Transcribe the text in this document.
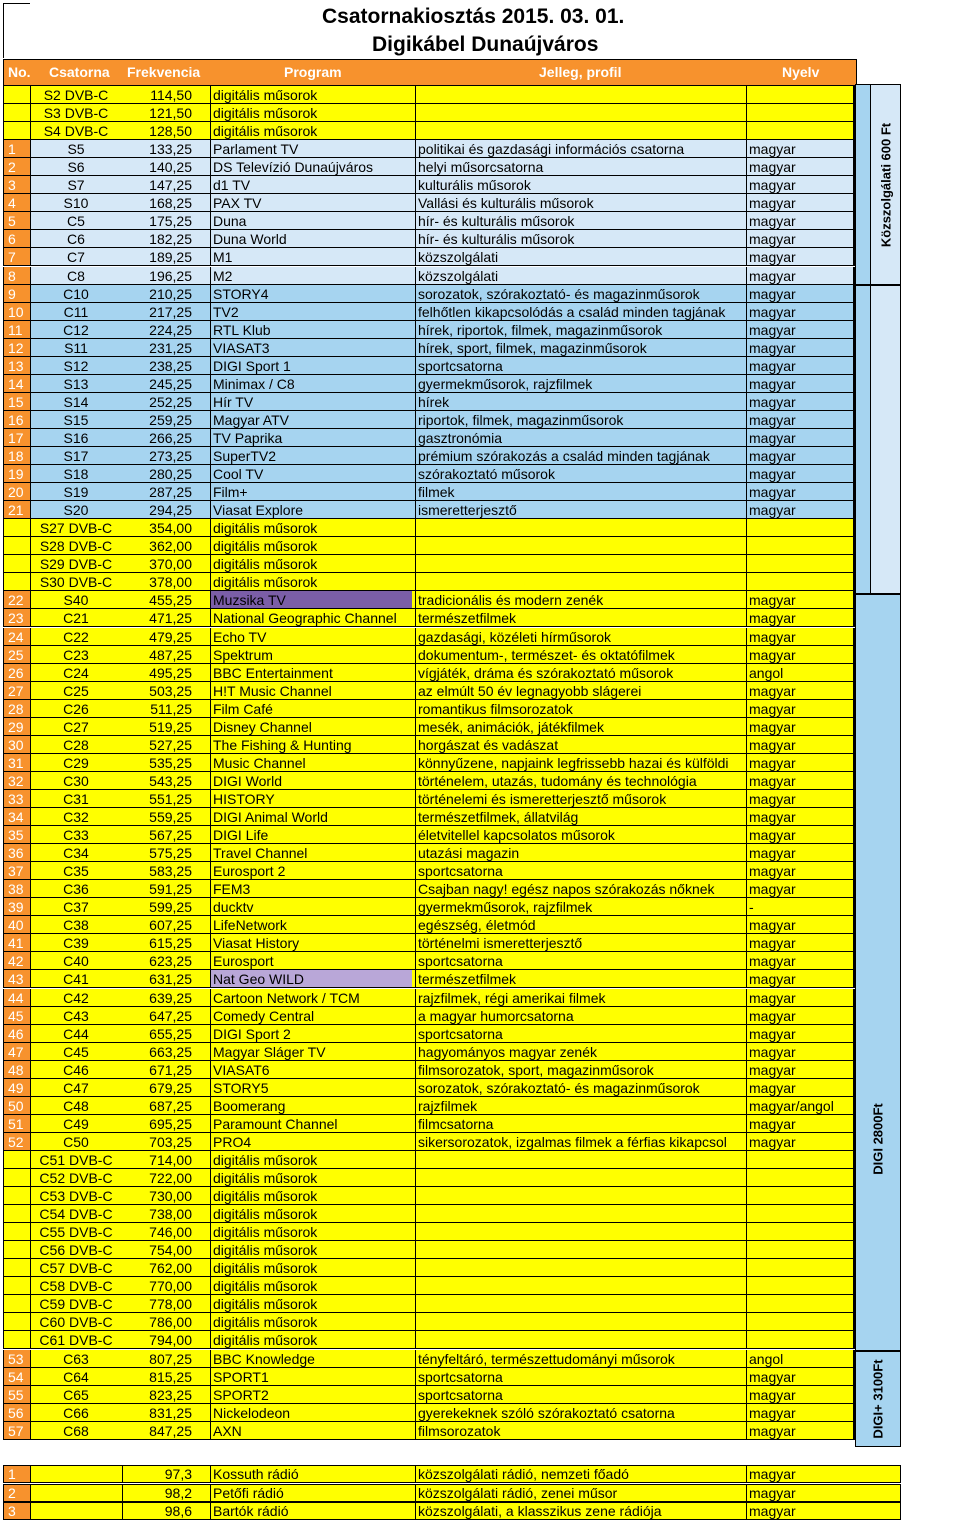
Csatornakiosztás 2015. 03. 01.
Digikábel Dunaújváros
No. Csatorna Frekvencia	Program	Jelleg, profil	Nyelv
S2 DVB-C	114,50 digitális műsorok
S3 DVB-C	121,50 digitális műsorok
S4 DVB-C	128,50 digitális műsorok
1	S5	133,25 Parlament TV	politikai és gazdasági információs csatorna	magyar
2	S6	140,25 DS Televízió Dunaújváros	helyi műsorcsatorna	magyar
3	S7	147,25 d1 TV	kulturális műsorok	magyar
4	S10	168,25 PAX TV	Vallási és kulturális műsorok	magyar
5	C5	175,25 Duna	hír- és kulturális műsorok	magyar
6	C6	182,25 Duna World	hír- és kulturális műsorok	magyar
7	C7	189,25 M1	közszolgálati	magyar
8	C8	196,25 M2	közszolgálati	magyar
9	C10	210,25 STORY4	sorozatok, szórakoztató- és magazinműsorok	magyar
10	C11	217,25 TV2	felhőtlen kikapcsolódás a család minden tagjának	magyar
11	C12	224,25 RTL Klub	hírek, riportok, filmek, magazinműsorok	magyar
12	S11	231,25 VIASAT3	hírek, sport, filmek, magazinműsorok	magyar
13	S12	238,25 DIGI Sport 1	sportcsatorna	magyar
14	S13	245,25 Minimax / C8	gyermekműsorok, rajzfilmek	magyar
15	S14	252,25 Hír TV	hírek	magyar
16	S15	259,25 Magyar ATV	riportok, filmek, magazinműsorok	magyar
17	S16	266,25 TV Paprika	gasztronómia	magyar
18	S17	273,25 SuperTV2	prémium szórakozás a család minden tagjának	magyar
19	S18	280,25 Cool TV	szórakoztató műsorok	magyar
20	S19	287,25 Film+	filmek	magyar
21	S20	294,25 Viasat Explore	ismeretterjesztő	magyar
S27 DVB-C	354,00 digitális műsorok
S28 DVB-C	362,00 digitális műsorok
S29 DVB-C	370,00 digitális műsorok
S30 DVB-C	378,00 digitális műsorok
22	S40	455,25 Muzsika TV	tradicionális és modern zenék	magyar
23	C21	471,25 National Geographic Channel	természetfilmek	magyar
24	C22	479,25 Echo TV	gazdasági, közéleti hírműsorok	magyar
25	C23	487,25 Spektrum	dokumentum-, természet- és oktatófilmek	magyar
26	C24	495,25 BBC Entertainment	vígjáték, dráma és szórakoztató műsorok	angol
27	C25	503,25 H!T Music Channel	az elmúlt 50 év legnagyobb slágerei	magyar
28	C26	511,25 Film Café	romantikus filmsorozatok	magyar
29	C27	519,25 Disney Channel	mesék, animációk, játékfilmek	magyar
30	C28	527,25 The Fishing & Hunting	horgászat és vadászat	magyar
31	C29	535,25 Music Channel	könnyűzene, napjaink legfrissebb hazai és külföldi	magyar
32	C30	543,25 DIGI World	történelem, utazás, tudomány és technológia	magyar
33	C31	551,25 HISTORY	történelemi és ismeretterjesztő műsorok	magyar
34	C32	559,25 DIGI Animal World	természetfilmek, állatvilág	magyar
35	C33	567,25 DIGI Life	életvitellel kapcsolatos műsorok	magyar
36	C34	575,25 Travel Channel	utazási magazin	magyar
37	C35	583,25 Eurosport 2	sportcsatorna	magyar
38	C36	591,25 FEM3	Csajban nagy! egész napos szórakozás nőknek	magyar
39	C37	599,25 ducktv	gyermekműsorok, rajzfilmek	-
40	C38	607,25 LifeNetwork	egészség, életmód	magyar
41	C39	615,25 Viasat History	történelmi ismeretterjesztő	magyar
42	C40	623,25 Eurosport	sportcsatorna	magyar
43	C41	631,25 Nat Geo WILD	természetfilmek	magyar
44	C42	639,25 Cartoon Network / TCM	rajzfilmek, régi amerikai filmek	magyar
45	C43	647,25 Comedy Central	a magyar humorcsatorna	magyar
46	C44	655,25 DIGI Sport 2	sportcsatorna	magyar
47	C45	663,25 Magyar Sláger TV	hagyományos magyar zenék	magyar
48	C46	671,25 VIASAT6	filmsorozatok, sport, magazinműsorok	magyar
49	C47	679,25 STORY5	sorozatok, szórakoztató- és magazinműsorok	magyar
50	C48	687,25 Boomerang	rajzfilmek	magyar/angol
51	C49	695,25 Paramount Channel	filmcsatorna	magyar
52	C50	703,25 PRO4	sikersorozatok, izgalmas filmek a férfias kikapcsol	magyar
C51 DVB-C	714,00 digitális műsorok
C52 DVB-C	722,00 digitális műsorok
C53 DVB-C	730,00 digitális műsorok
C54 DVB-C	738,00 digitális műsorok
C55 DVB-C	746,00 digitális műsorok
C56 DVB-C	754,00 digitális műsorok
C57 DVB-C	762,00 digitális műsorok
C58 DVB-C	770,00 digitális műsorok
C59 DVB-C	778,00 digitális műsorok
C60 DVB-C	786,00 digitális műsorok
C61 DVB-C	794,00 digitális műsorok
53	C63	807,25 BBC Knowledge	tényfeltáró, természettudományi műsorok	angol
54	C64	815,25 SPORT1	sportcsatorna	magyar
55	C65	823,25 SPORT2	sportcsatorna	magyar
56	C66	831,25 Nickelodeon	gyerekeknek szóló szórakoztató csatorna	magyar
57	C68	847,25 AXN	filmsorozatok	magyar
Közszolgálati 600 Ft
DIGI 2800Ft
DIGI+ 3100Ft
1	97,3 Kossuth rádió	közszolgálati rádió, nemzeti főadó	magyar
2	98,2 Petőfi rádió	közszolgálati rádió, zenei műsor	magyar
3	98,6 Bartók rádió	közszolgálati, a klasszikus zene rádiója	magyar
